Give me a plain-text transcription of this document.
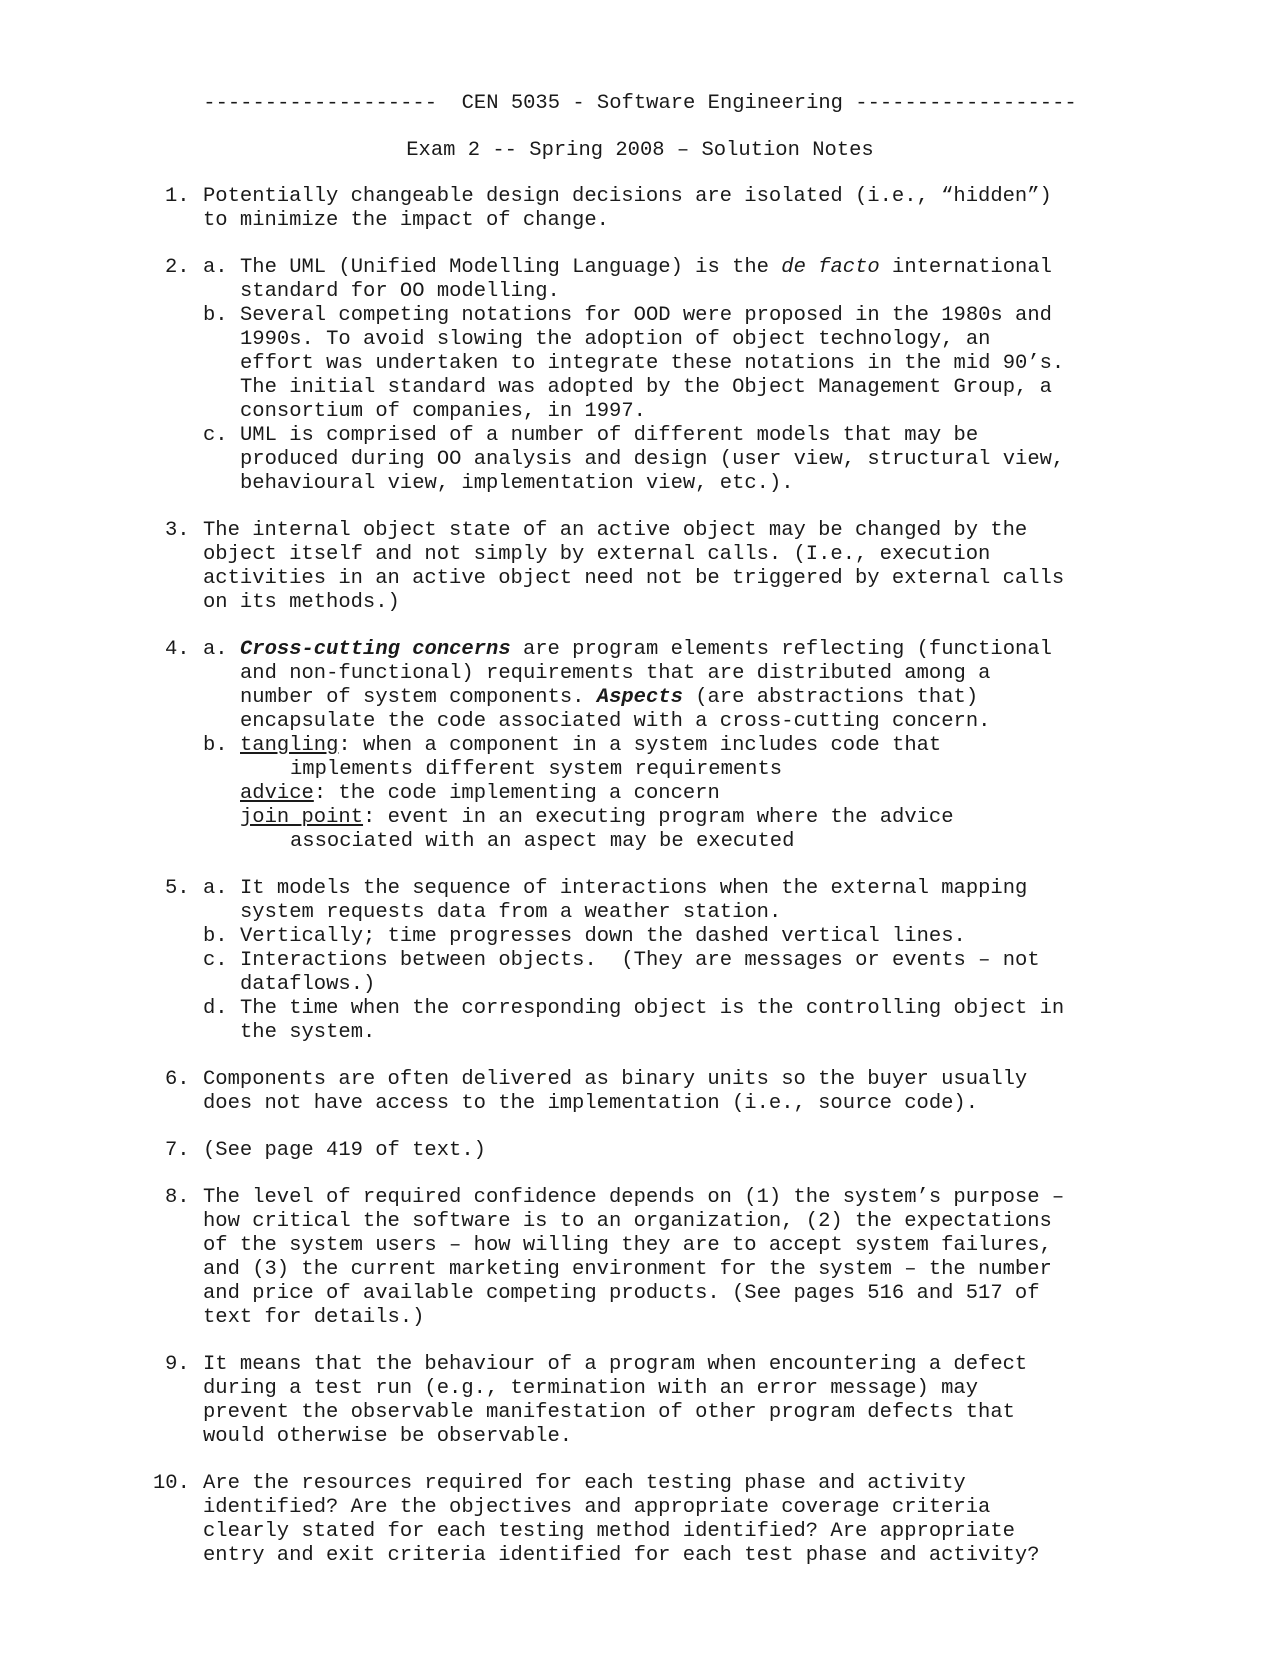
-------------------  CEN 5035 - Software Engineering ------------------
Exam 2 -- Spring 2008 – Solution Notes
1. Potentially changeable design decisions are isolated (i.e., “hidden”)
to minimize the impact of change.
2. a. The UML (Unified Modelling Language) is the de facto international
standard for OO modelling.
b. Several competing notations for OOD were proposed in the 1980s and
1990s. To avoid slowing the adoption of object technology, an
effort was undertaken to integrate these notations in the mid 90’s.
The initial standard was adopted by the Object Management Group, a
consortium of companies, in 1997.
c. UML is comprised of a number of different models that may be
produced during OO analysis and design (user view, structural view,
behavioural view, implementation view, etc.).
3. The internal object state of an active object may be changed by the
object itself and not simply by external calls. (I.e., execution
activities in an active object need not be triggered by external calls
on its methods.)
4. a. Cross-cutting concerns are program elements reflecting (functional
and non-functional) requirements that are distributed among a
number of system components. Aspects (are abstractions that)
encapsulate the code associated with a cross-cutting concern.
b. tangling: when a component in a system includes code that
implements different system requirements
advice: the code implementing a concern
join point: event in an executing program where the advice
associated with an aspect may be executed
5. a. It models the sequence of interactions when the external mapping
system requests data from a weather station.
b. Vertically; time progresses down the dashed vertical lines.
c. Interactions between objects.  (They are messages or events – not
dataflows.)
d. The time when the corresponding object is the controlling object in
the system.
6. Components are often delivered as binary units so the buyer usually
does not have access to the implementation (i.e., source code).
7. (See page 419 of text.)
8. The level of required confidence depends on (1) the system’s purpose –
how critical the software is to an organization, (2) the expectations
of the system users – how willing they are to accept system failures,
and (3) the current marketing environment for the system – the number
and price of available competing products. (See pages 516 and 517 of
text for details.)
9. It means that the behaviour of a program when encountering a defect
during a test run (e.g., termination with an error message) may
prevent the observable manifestation of other program defects that
would otherwise be observable.
10. Are the resources required for each testing phase and activity
identified? Are the objectives and appropriate coverage criteria
clearly stated for each testing method identified? Are appropriate
entry and exit criteria identified for each test phase and activity?
